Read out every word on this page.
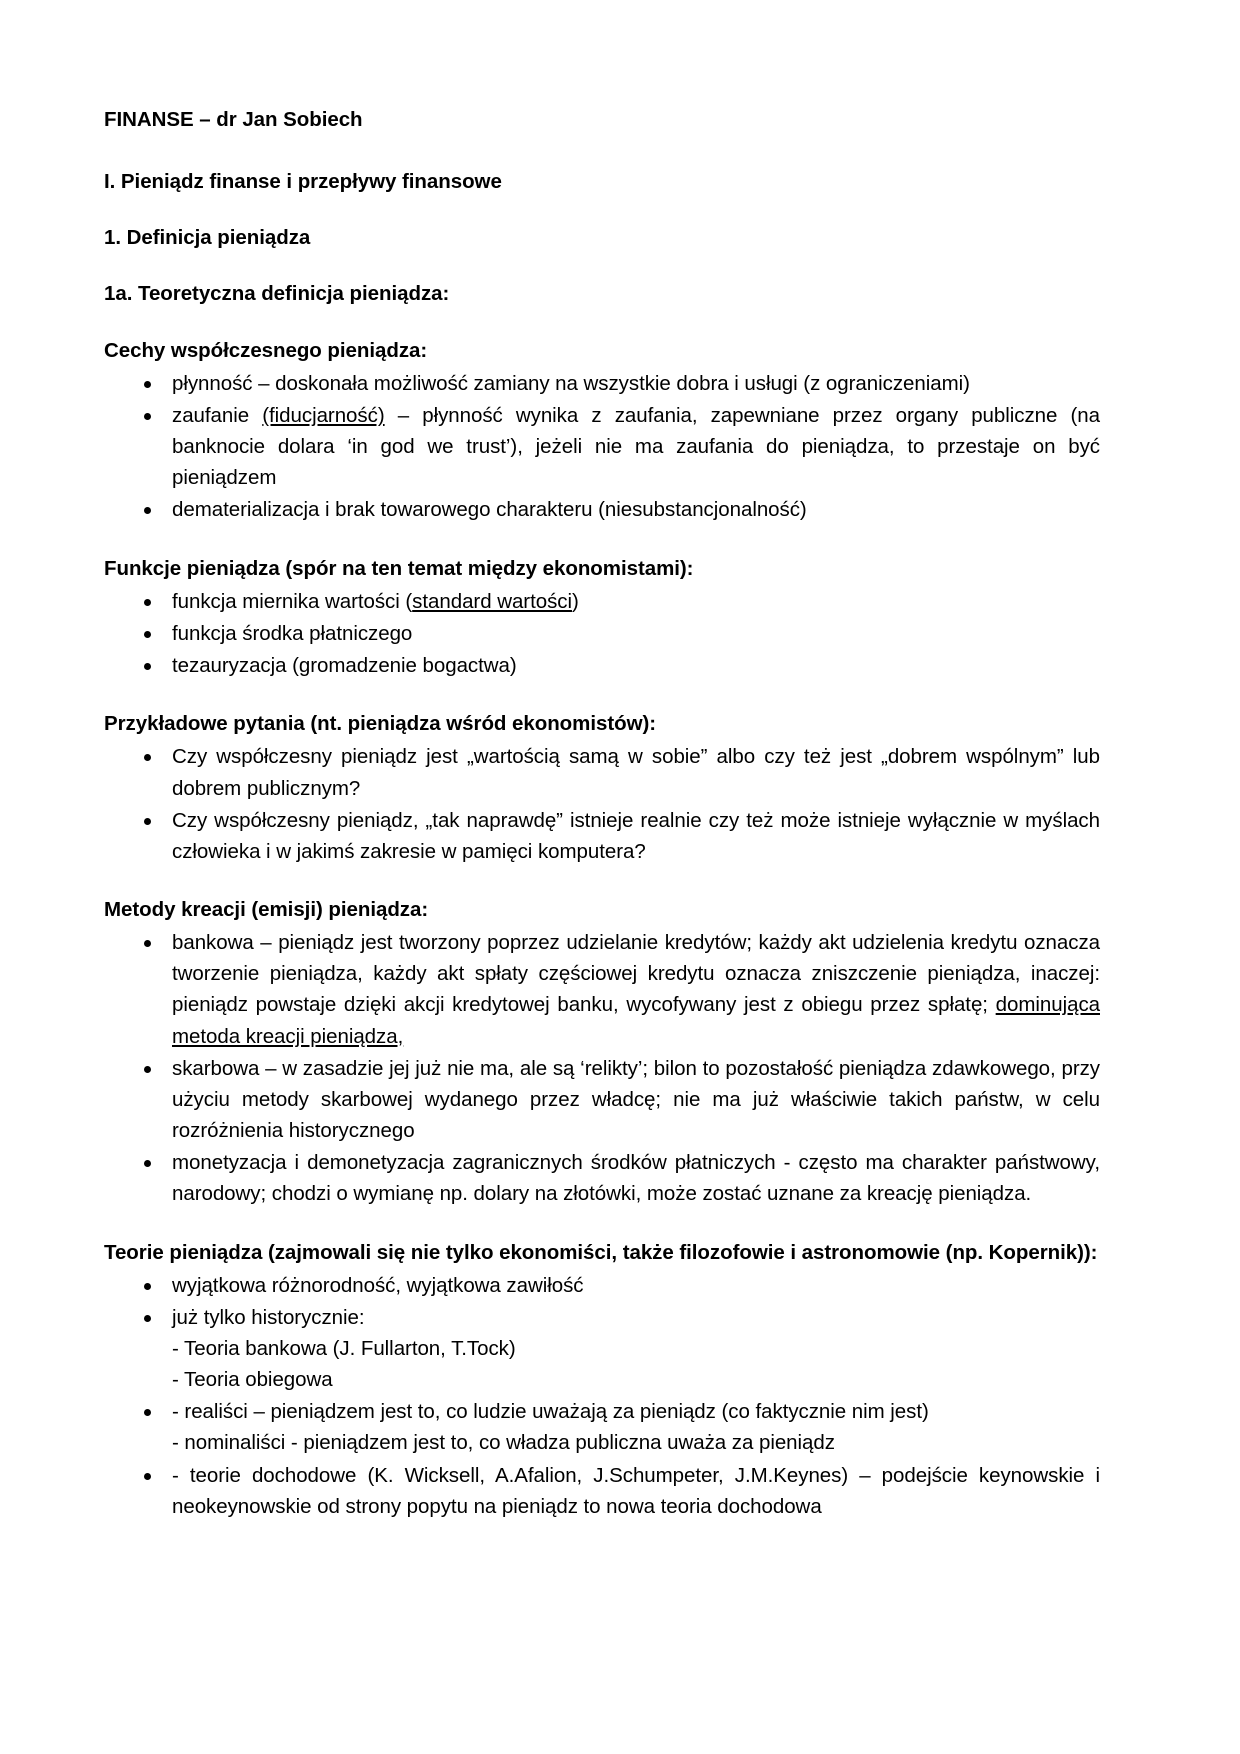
FINANSE – dr Jan Sobiech

I. Pieniądz finanse i przepływy finansowe

1. Definicja pieniądza

1a. Teoretyczna definicja pieniądza:

Cechy współczesnego pieniądza:

płynność – doskonała możliwość zamiany na wszystkie dobra i usługi (z ograniczeniami)
zaufanie (fiducjarność) – płynność wynika z zaufania, zapewniane przez organy publiczne (na banknocie dolara ‘in god we trust’), jeżeli nie ma zaufania do pieniądza, to przestaje on być pieniądzem
dematerializacja i brak towarowego charakteru (niesubstancjonalność)

Funkcje pieniądza (spór na ten temat między ekonomistami):

funkcja miernika wartości (standard wartości)
funkcja środka płatniczego
tezauryzacja (gromadzenie bogactwa)

Przykładowe pytania (nt. pieniądza wśród ekonomistów):

Czy współczesny pieniądz jest „wartością samą w sobie” albo czy też jest „dobrem wspólnym” lub dobrem publicznym?
Czy współczesny pieniądz, „tak naprawdę” istnieje realnie czy też może istnieje wyłącznie w myślach człowieka i w jakimś zakresie w pamięci komputera?

Metody kreacji (emisji) pieniądza:

bankowa – pieniądz jest tworzony poprzez udzielanie kredytów; każdy akt udzielenia kredytu oznacza tworzenie pieniądza, każdy akt spłaty częściowej kredytu oznacza zniszczenie pieniądza, inaczej: pieniądz powstaje dzięki akcji kredytowej banku, wycofywany jest z obiegu przez spłatę; dominująca metoda kreacji pieniądza,
skarbowa – w zasadzie jej już nie ma, ale są ‘relikty’; bilon to pozostałość pieniądza zdawkowego, przy użyciu metody skarbowej wydanego przez władcę; nie ma już właściwie takich państw, w celu rozróżnienia historycznego
monetyzacja i demonetyzacja zagranicznych środków płatniczych - często ma charakter państwowy, narodowy; chodzi o wymianę np. dolary na złotówki, może zostać uznane za kreację pieniądza.

Teorie pieniądza (zajmowali się nie tylko ekonomiści, także filozofowie i astronomowie (np. Kopernik)):

wyjątkowa różnorodność, wyjątkowa zawiłość
już tylko historycznie:
- Teoria bankowa (J. Fullarton, T.Tock)
- Teoria obiegowa
- realiści – pieniądzem jest to, co ludzie uważają za pieniądz (co faktycznie nim jest)
- nominaliści - pieniądzem jest to, co władza publiczna uważa za pieniądz
- teorie dochodowe (K. Wicksell, A.Afalion, J.Schumpeter, J.M.Keynes) – podejście keynowskie i neokeynowskie od strony popytu na pieniądz to nowa teoria dochodowa
